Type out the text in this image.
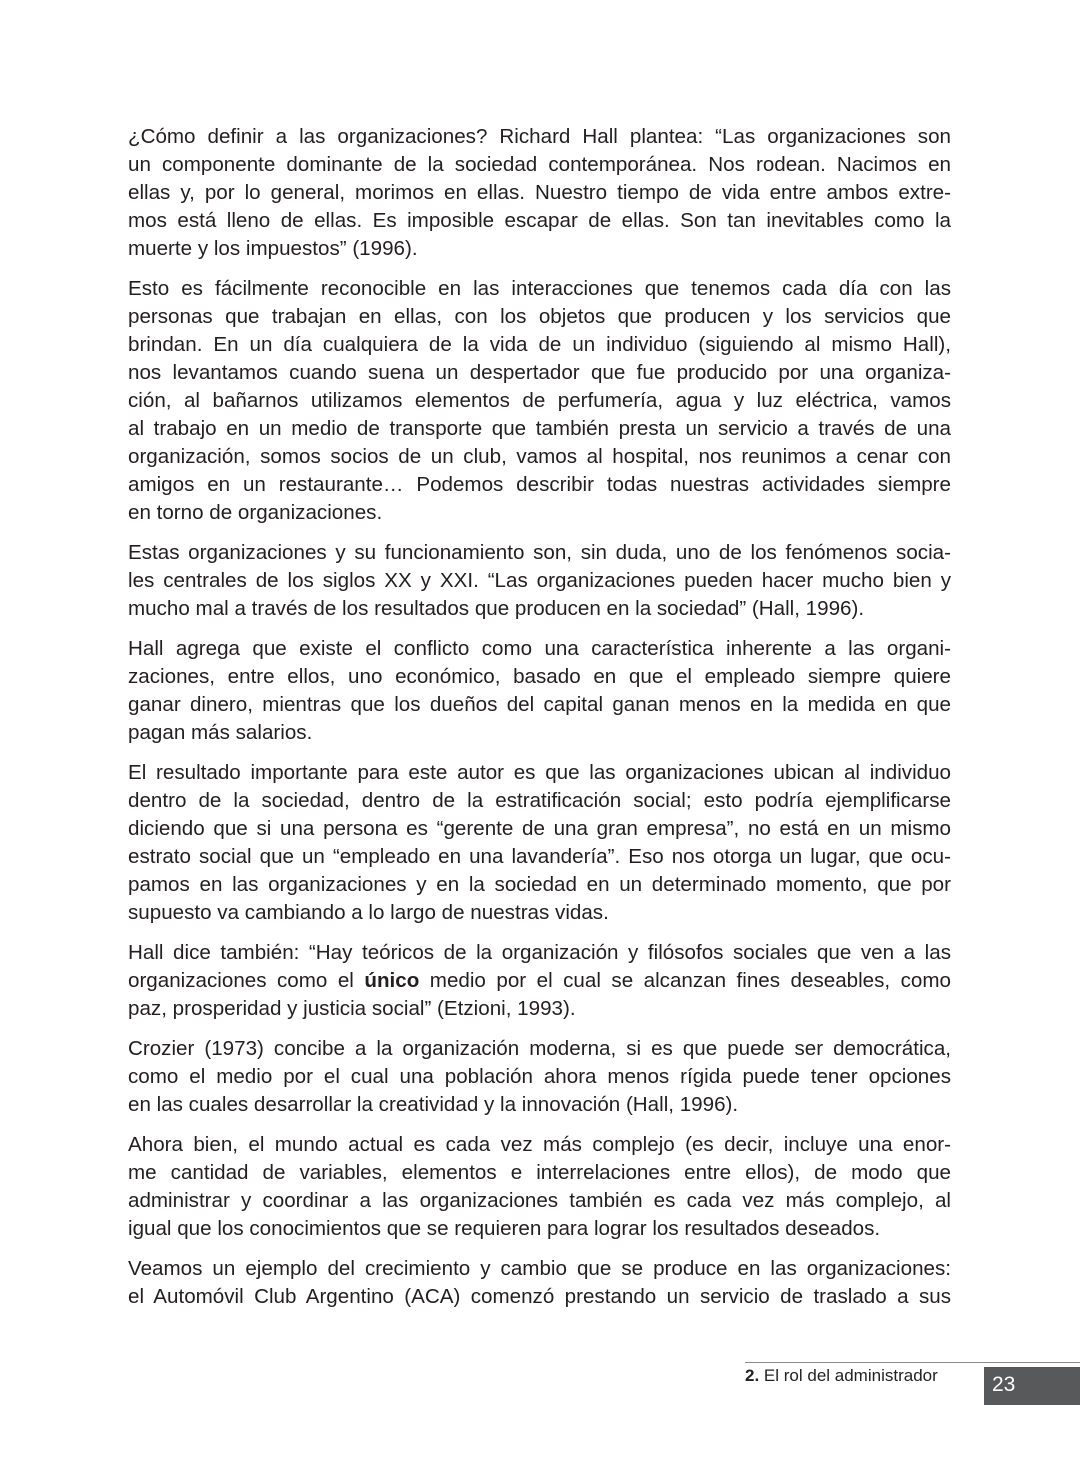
¿Cómo definir a las organizaciones? Richard Hall plantea: “Las organizaciones son
un componente dominante de la sociedad contemporánea. Nos rodean. Nacimos en
ellas y, por lo general, morimos en ellas. Nuestro tiempo de vida entre ambos extre-
mos está lleno de ellas. Es imposible escapar de ellas. Son tan inevitables como la
muerte y los impuestos” (1996).
Esto es fácilmente reconocible en las interacciones que tenemos cada día con las
personas que trabajan en ellas, con los objetos que producen y los servicios que
brindan. En un día cualquiera de la vida de un individuo (siguiendo al mismo Hall),
nos levantamos cuando suena un despertador que fue producido por una organiza-
ción, al bañarnos utilizamos elementos de perfumería, agua y luz eléctrica, vamos
al trabajo en un medio de transporte que también presta un servicio a través de una
organización, somos socios de un club, vamos al hospital, nos reunimos a cenar con
amigos en un restaurante… Podemos describir todas nuestras actividades siempre
en torno de organizaciones.
Estas organizaciones y su funcionamiento son, sin duda, uno de los fenómenos socia-
les centrales de los siglos XX y XXI. “Las organizaciones pueden hacer mucho bien y
mucho mal a través de los resultados que producen en la sociedad” (Hall, 1996).
Hall agrega que existe el conflicto como una característica inherente a las organi-
zaciones, entre ellos, uno económico, basado en que el empleado siempre quiere
ganar dinero, mientras que los dueños del capital ganan menos en la medida en que
pagan más salarios.
El resultado importante para este autor es que las organizaciones ubican al individuo
dentro de la sociedad, dentro de la estratificación social; esto podría ejemplificarse
diciendo que si una persona es “gerente de una gran empresa”, no está en un mismo
estrato social que un “empleado en una lavandería”. Eso nos otorga un lugar, que ocu-
pamos en las organizaciones y en la sociedad en un determinado momento, que por
supuesto va cambiando a lo largo de nuestras vidas.
Hall dice también: “Hay teóricos de la organización y filósofos sociales que ven a las
organizaciones como el único medio por el cual se alcanzan fines deseables, como
paz, prosperidad y justicia social” (Etzioni, 1993).
Crozier (1973) concibe a la organización moderna, si es que puede ser democrática,
como el medio por el cual una población ahora menos rígida puede tener opciones
en las cuales desarrollar la creatividad y la innovación (Hall, 1996).
Ahora bien, el mundo actual es cada vez más complejo (es decir, incluye una enor-
me cantidad de variables, elementos e interrelaciones entre ellos), de modo que
administrar y coordinar a las organizaciones también es cada vez más complejo, al
igual que los conocimientos que se requieren para lograr los resultados deseados.
Veamos un ejemplo del crecimiento y cambio que se produce en las organizaciones:
el Automóvil Club Argentino (ACA) comenzó prestando un servicio de traslado a sus
2. El rol del administrador	23
